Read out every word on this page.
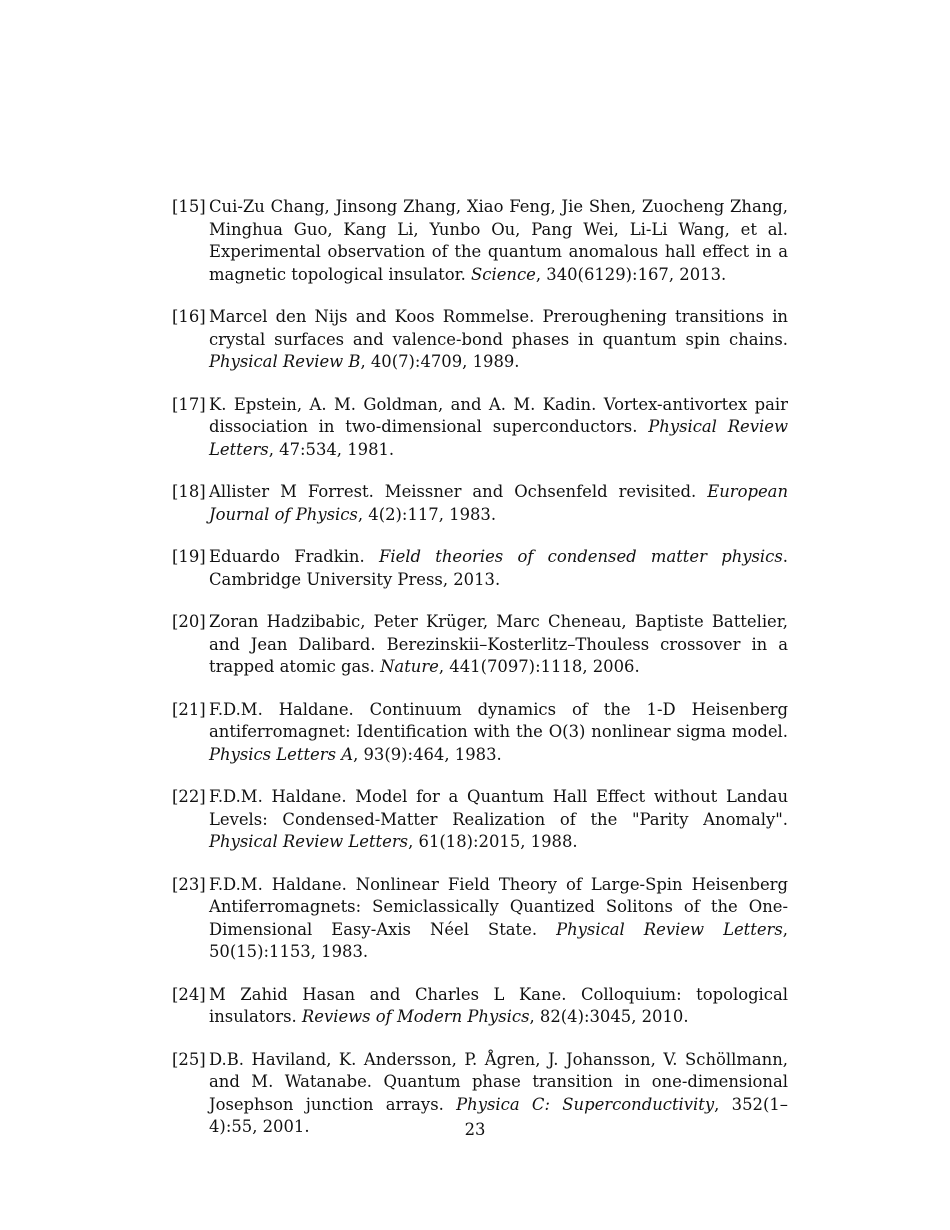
[15] Cui-Zu Chang, Jinsong Zhang, Xiao Feng, Jie Shen, Zuocheng Zhang, Minghua Guo, Kang Li, Yunbo Ou, Pang Wei, Li-Li Wang, et al. Experimental observation of the quantum anomalous hall effect in a magnetic topological insulator. Science, 340(6129):167, 2013.
[16] Marcel den Nijs and Koos Rommelse. Preroughening transitions in crystal surfaces and valence-bond phases in quantum spin chains. Physical Review B, 40(7):4709, 1989.
[17] K. Epstein, A. M. Goldman, and A. M. Kadin. Vortex-antivortex pair dissociation in two-dimensional superconductors. Physical Review Letters, 47:534, 1981.
[18] Allister M Forrest. Meissner and Ochsenfeld revisited. European Journal of Physics, 4(2):117, 1983.
[19] Eduardo Fradkin. Field theories of condensed matter physics. Cambridge University Press, 2013.
[20] Zoran Hadzibabic, Peter Krüger, Marc Cheneau, Baptiste Battelier, and Jean Dalibard. Berezinskii–Kosterlitz–Thouless crossover in a trapped atomic gas. Nature, 441(7097):1118, 2006.
[21] F.D.M. Haldane. Continuum dynamics of the 1-D Heisenberg antiferromagnet: Identification with the O(3) nonlinear sigma model. Physics Letters A, 93(9):464, 1983.
[22] F.D.M. Haldane. Model for a Quantum Hall Effect without Landau Levels: Condensed-Matter Realization of the "Parity Anomaly". Physical Review Letters, 61(18):2015, 1988.
[23] F.D.M. Haldane. Nonlinear Field Theory of Large-Spin Heisenberg Antiferromagnets: Semiclassically Quantized Solitons of the One-Dimensional Easy-Axis Néel State. Physical Review Letters, 50(15):1153, 1983.
[24] M Zahid Hasan and Charles L Kane. Colloquium: topological insulators. Reviews of Modern Physics, 82(4):3045, 2010.
[25] D.B. Haviland, K. Andersson, P. Ågren, J. Johansson, V. Schöllmann, and M. Watanabe. Quantum phase transition in one-dimensional Josephson junction arrays. Physica C: Superconductivity, 352(1–4):55, 2001.	23
